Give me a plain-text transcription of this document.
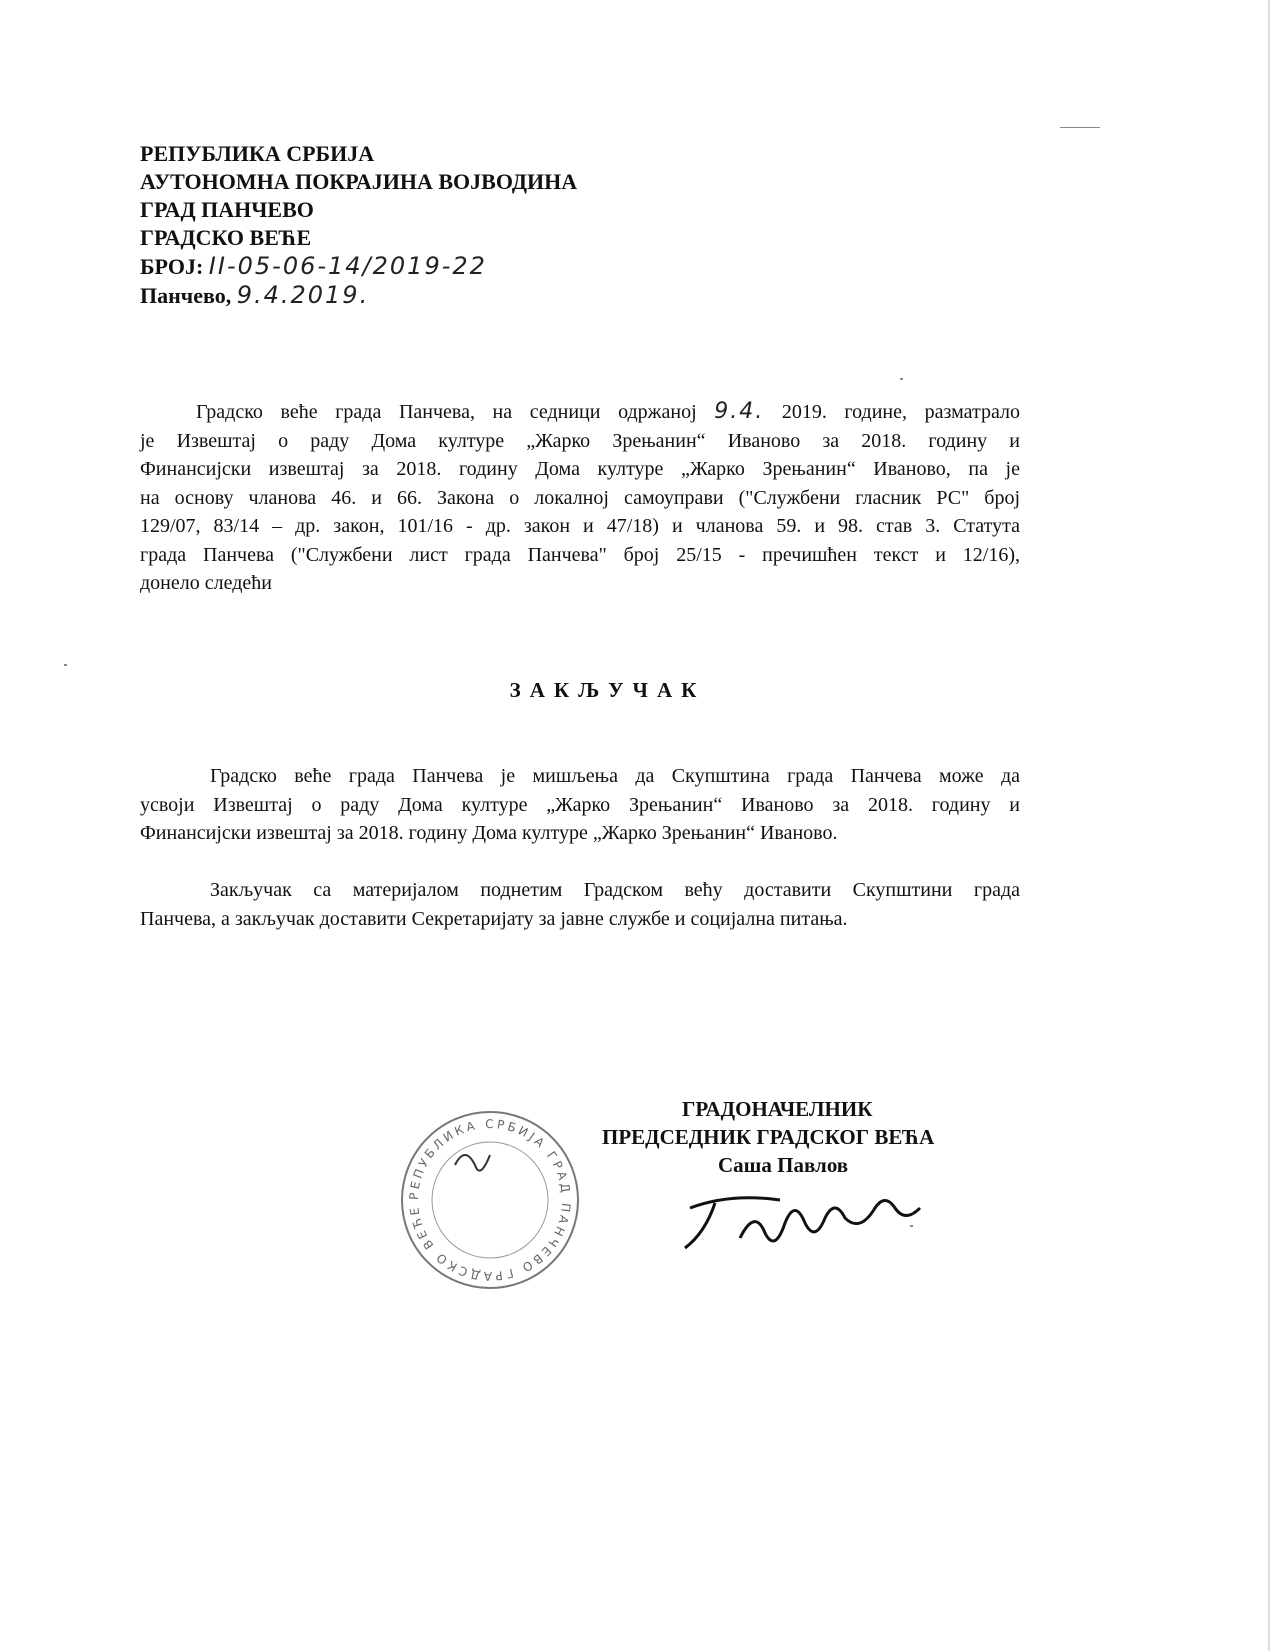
РЕПУБЛИКА СРБИЈА
АУТОНОМНА ПОКРАЈИНА ВОЈВОДИНА
ГРАД ПАНЧЕВО
ГРАДСКО ВЕЋЕ
БРОЈ: II-05-06-14/2019-22
Панчево, 9.4.2019.
Градско веће града Панчева, на седници одржаној 9.4. 2019. године, разматрало
је Извештај о раду Дома културе „Жарко Зрењанин“ Иваново за 2018. годину и
Финансијски извештај за 2018. годину Дома културе „Жарко Зрењанин“ Иваново, па је
на основу чланова 46. и 66. Закона о локалној самоуправи ("Службени гласник РС" број
129/07, 83/14 – др. закон, 101/16 - др. закон и 47/18) и чланова 59. и 98. став 3. Статута
града Панчева ("Службени лист града Панчева" број 25/15 - пречишћен текст и 12/16),
донело следећи
ЗАКЉУЧАК
Градско веће града Панчева је мишљења да Скупштина града Панчева може да
усвоји Извештај о раду Дома културе „Жарко Зрењанин“ Иваново за 2018. годину и
Финансијски извештај за 2018. годину Дома културе „Жарко Зрењанин“ Иваново.
Закључак са материјалом поднетим Градском већу доставити Скупштини града
Панчева, а закључак доставити Секретаријату за јавне службе и социјална питања.
РЕПУБЛИКА СРБИЈА ГРАД ПАНЧЕВО ГРАДСКО ВЕЋЕ
ГРАДОНАЧЕЛНИК
ПРЕДСЕДНИК ГРАДСКОГ ВЕЋА
Саша Павлов
